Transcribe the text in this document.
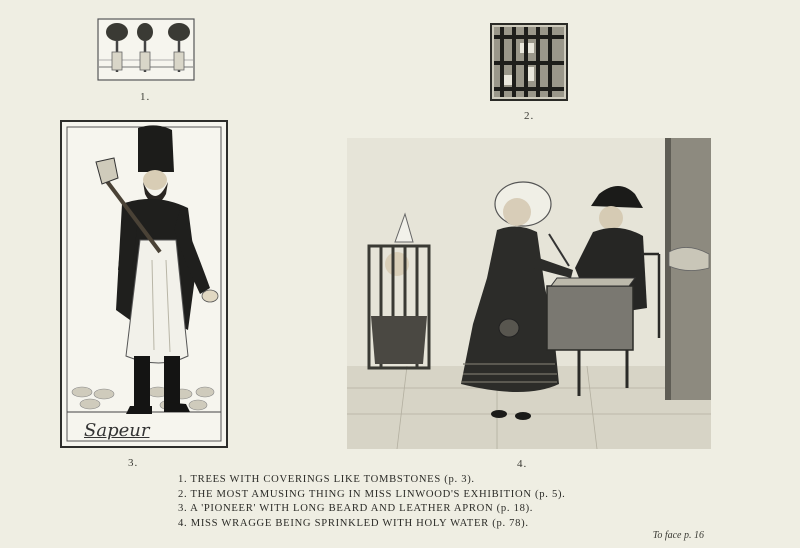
1.
2.
Sapeur
3.	4.
1. TREES WITH COVERINGS LIKE TOMBSTONES (p. 3).
2. THE MOST AMUSING THING IN MISS LINWOOD'S EXHIBITION (p. 5).
3. A 'PIONEER' WITH LONG BEARD AND LEATHER APRON (p. 18).
4. MISS WRAGGE BEING SPRINKLED WITH HOLY WATER (p. 78).
To face p. 16
